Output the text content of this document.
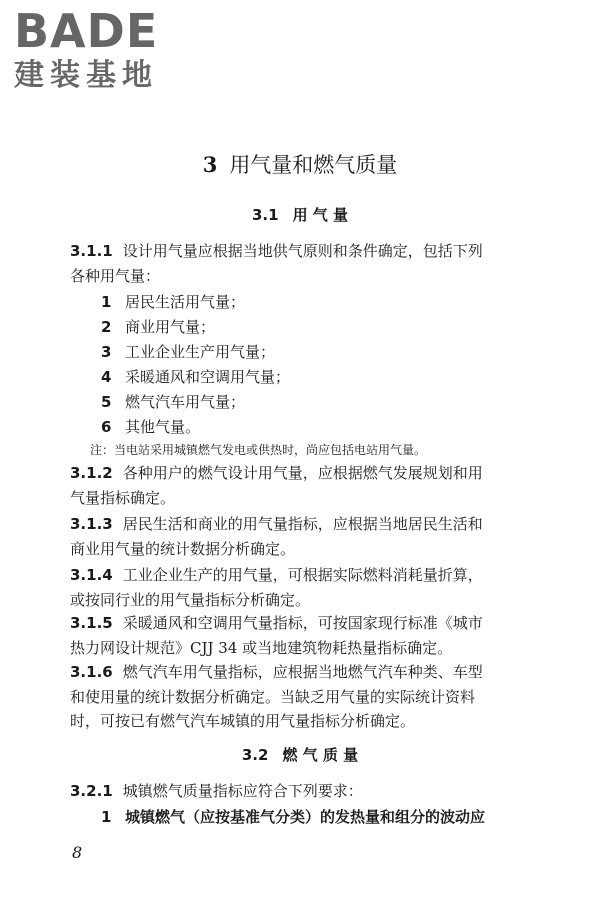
BADE
建装基地
3 用气量和燃气质量
3.1 用 气 量
3.1.1 设计用气量应根据当地供气原则和条件确定，包括下列
各种用气量：
1 居民生活用气量；
2 商业用气量；
3 工业企业生产用气量；
4 采暖通风和空调用气量；
5 燃气汽车用气量；
6 其他气量。
注：当电站采用城镇燃气发电或供热时，尚应包括电站用气量。
3.1.2 各种用户的燃气设计用气量，应根据燃气发展规划和用
气量指标确定。
3.1.3 居民生活和商业的用气量指标，应根据当地居民生活和
商业用气量的统计数据分析确定。
3.1.4 工业企业生产的用气量，可根据实际燃料消耗量折算，
或按同行业的用气量指标分析确定。
3.1.5 采暖通风和空调用气量指标，可按国家现行标准《城市
热力网设计规范》CJJ 34 或当地建筑物耗热量指标确定。
3.1.6 燃气汽车用气量指标，应根据当地燃气汽车种类、车型
和使用量的统计数据分析确定。当缺乏用气量的实际统计资料
时，可按已有燃气汽车城镇的用气量指标分析确定。
3.2 燃 气 质 量
3.2.1 城镇燃气质量指标应符合下列要求：
1 城镇燃气（应按基准气分类）的发热量和组分的波动应
8
